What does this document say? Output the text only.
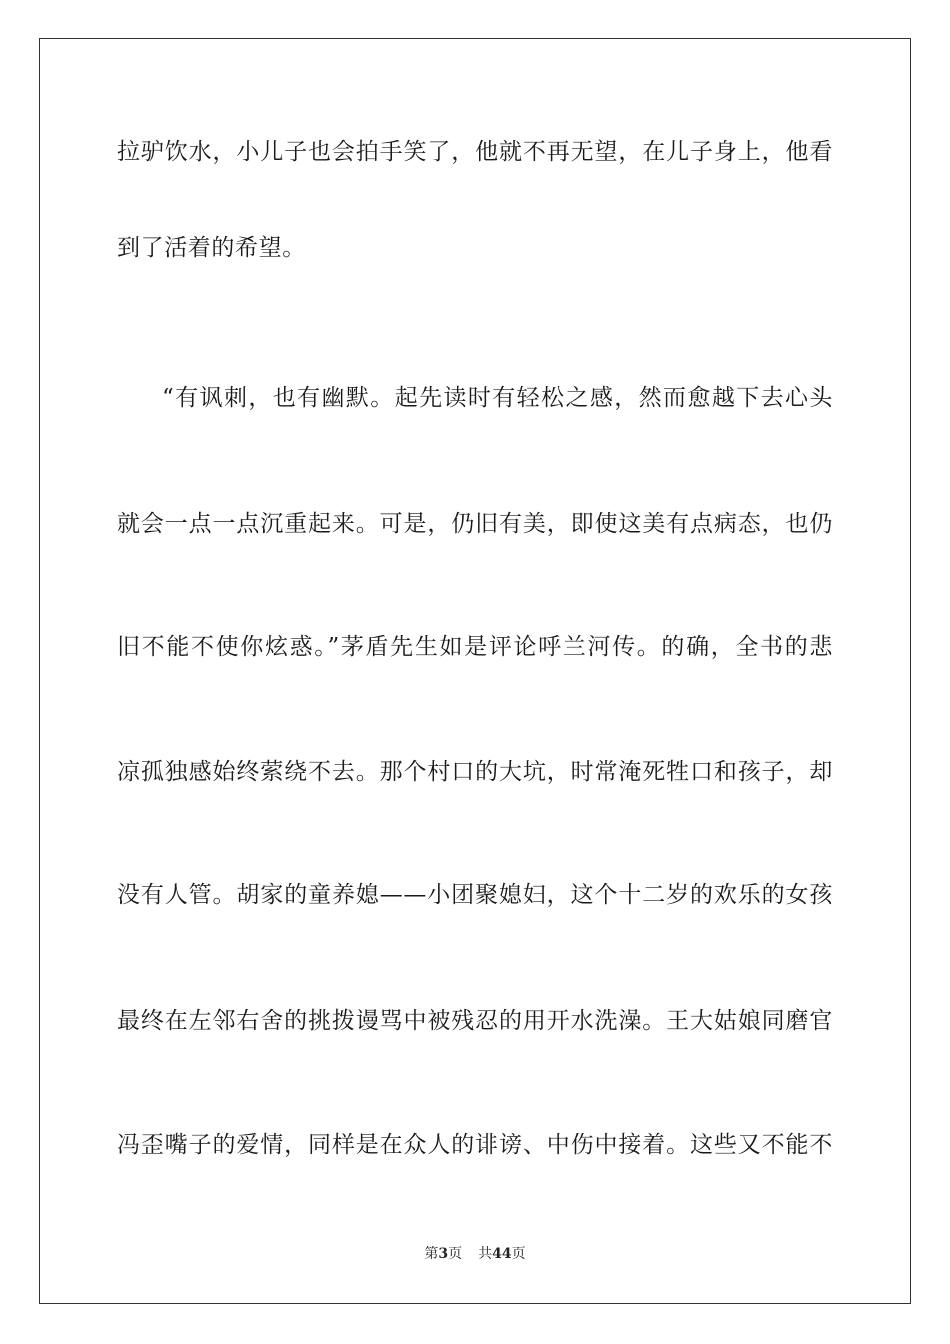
拉驴饮水，小儿子也会拍手笑了，他就不再无望，在儿子身上，他看
到了活着的希望。
“有讽刺，也有幽默。起先读时有轻松之感，然而愈越下去心头
就会一点一点沉重起来。可是，仍旧有美，即使这美有点病态，也仍
旧不能不使你炫惑。”茅盾先生如是评论呼兰河传。的确，全书的悲
凉孤独感始终萦绕不去。那个村口的大坑，时常淹死牲口和孩子，却
没有人管。胡家的童养媳——小团聚媳妇，这个十二岁的欢乐的女孩
最终在左邻右舍的挑拨谩骂中被残忍的用开水洗澡。王大姑娘同磨官
冯歪嘴子的爱情，同样是在众人的诽谤、中伤中接着。这些又不能不
第3页 共44页
